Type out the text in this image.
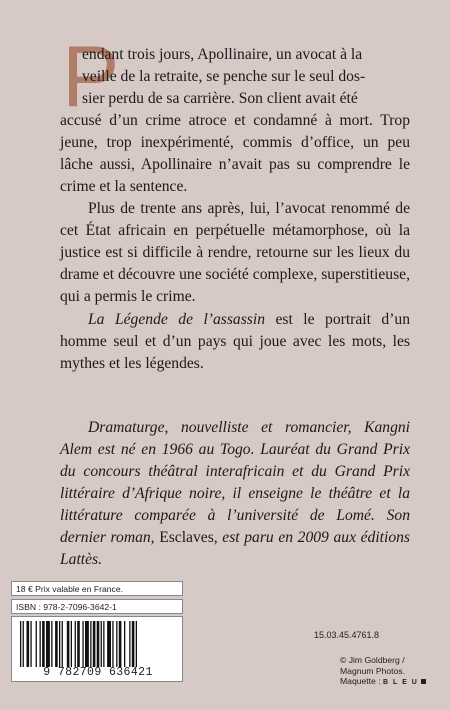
P

endant trois jours, Apollinaire, un avocat à la
veille de la retraite, se penche sur le seul dos-
sier perdu de sa carrière. Son client avait été

accusé d’un crime atroce et condamné à mort. Trop jeune, trop inexpérimenté, commis d’office, un peu lâche aussi, Apollinaire n’avait pas su comprendre le crime et la sentence.

Plus de trente ans après, lui, l’avocat renommé de cet État africain en perpétuelle métamorphose, où la justice est si difficile à rendre, retourne sur les lieux du drame et découvre une société complexe, superstitieuse, qui a permis le crime.

La Légende de l’assassin est le portrait d’un homme seul et d’un pays qui joue avec les mots, les mythes et les légendes.

Dramaturge, nouvelliste et romancier, Kangni Alem est né en 1966 au Togo. Lauréat du Grand Prix du concours théâtral interafricain et du Grand Prix littéraire d’Afrique noire, il enseigne le théâtre et la littérature comparée à l’université de Lomé. Son dernier roman, Esclaves, est paru en 2009 aux éditions Lattès.

18 € Prix valable en France.
ISBN : 978-2-7096-3642-1
9 782709 636421
15.03.45.4761.8
© Jim Goldberg /
Magnum Photos.
Maquette : B L E U
